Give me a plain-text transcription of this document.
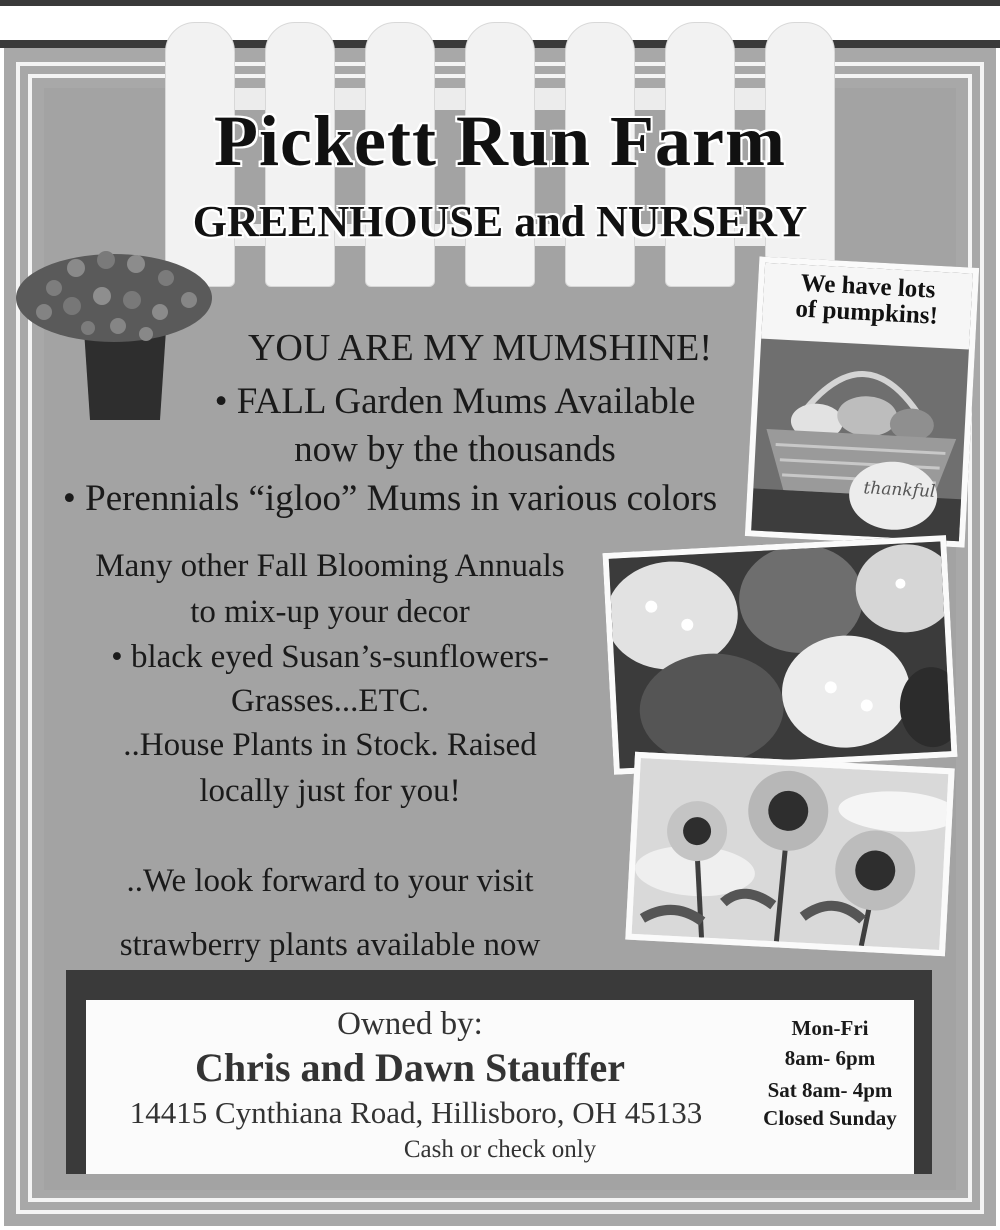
Pickett Run Farm
GREENHOUSE and NURSERY
YOU ARE MY MUMSHINE!
• FALL Garden Mums Available
now by the thousands
• Perennials “igloo” Mums in various colors
Many other Fall Blooming Annuals
to mix-up your decor
• black eyed Susan’s-sunflowers-
Grasses...ETC.
..House Plants in Stock. Raised
locally just for you!
..We look forward to your visit
strawberry plants available now
We have lots
of pumpkins!
thankful
Owned by:
Chris and Dawn Stauffer
14415 Cynthiana Road, Hillisboro, OH 45133
Cash or check only
Mon-Fri
8am- 6pm
Sat 8am- 4pm
Closed Sunday
